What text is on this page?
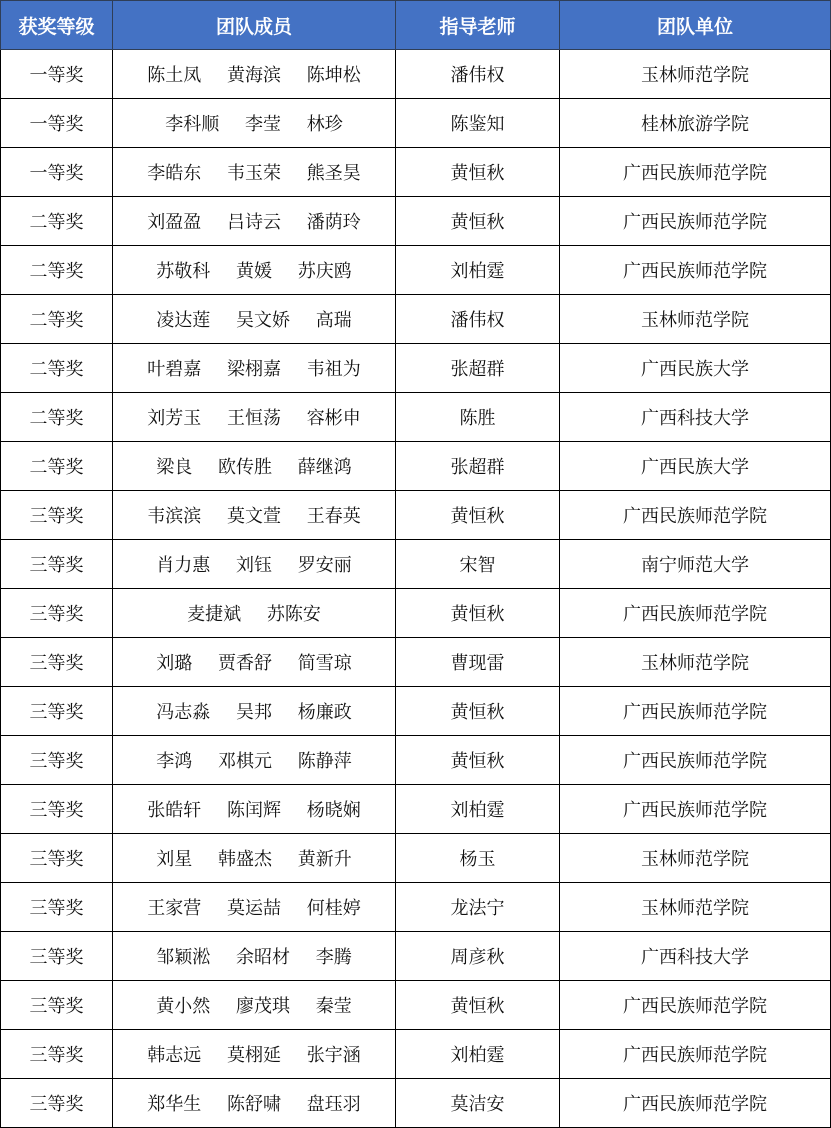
获奖等级	团队成员	指导老师	团队单位
一等奖	陈土凤 黄海滨 陈坤松	潘伟权	玉林师范学院
一等奖	李科顺 李莹 林珍	陈鉴知	桂林旅游学院
一等奖	李皓东 韦玉荣 熊圣昊	黄恒秋	广西民族师范学院
二等奖	刘盈盈 吕诗云 潘荫玲	黄恒秋	广西民族师范学院
二等奖	苏敬科 黄媛 苏庆鸥	刘柏霆	广西民族师范学院
二等奖	凌达莲 吴文娇 高瑞	潘伟权	玉林师范学院
二等奖	叶碧嘉 梁栩嘉 韦祖为	张超群	广西民族大学
二等奖	刘芳玉 王恒荡 容彬申	陈胜	广西科技大学
二等奖	梁良 欧传胜 薛继鸿	张超群	广西民族大学
三等奖	韦滨滨 莫文萱 王春英	黄恒秋	广西民族师范学院
三等奖	肖力惠 刘钰 罗安丽	宋智	南宁师范大学
三等奖	麦捷斌 苏陈安	黄恒秋	广西民族师范学院
三等奖	刘璐 贾香舒 简雪琼	曹现雷	玉林师范学院
三等奖	冯志淼 吴邦 杨廉政	黄恒秋	广西民族师范学院
三等奖	李鸿 邓棋元 陈静萍	黄恒秋	广西民族师范学院
三等奖	张皓轩 陈闰辉 杨晓娴	刘柏霆	广西民族师范学院
三等奖	刘星 韩盛杰 黄新升	杨玉	玉林师范学院
三等奖	王家营 莫运喆 何桂婷	龙法宁	玉林师范学院
三等奖	邹颖淞 余昭材 李腾	周彦秋	广西科技大学
三等奖	黄小然 廖茂琪 秦莹	黄恒秋	广西民族师范学院
三等奖	韩志远 莫栩延 张宇涵	刘柏霆	广西民族师范学院
三等奖	郑华生 陈舒啸 盘珏羽	莫洁安	广西民族师范学院
